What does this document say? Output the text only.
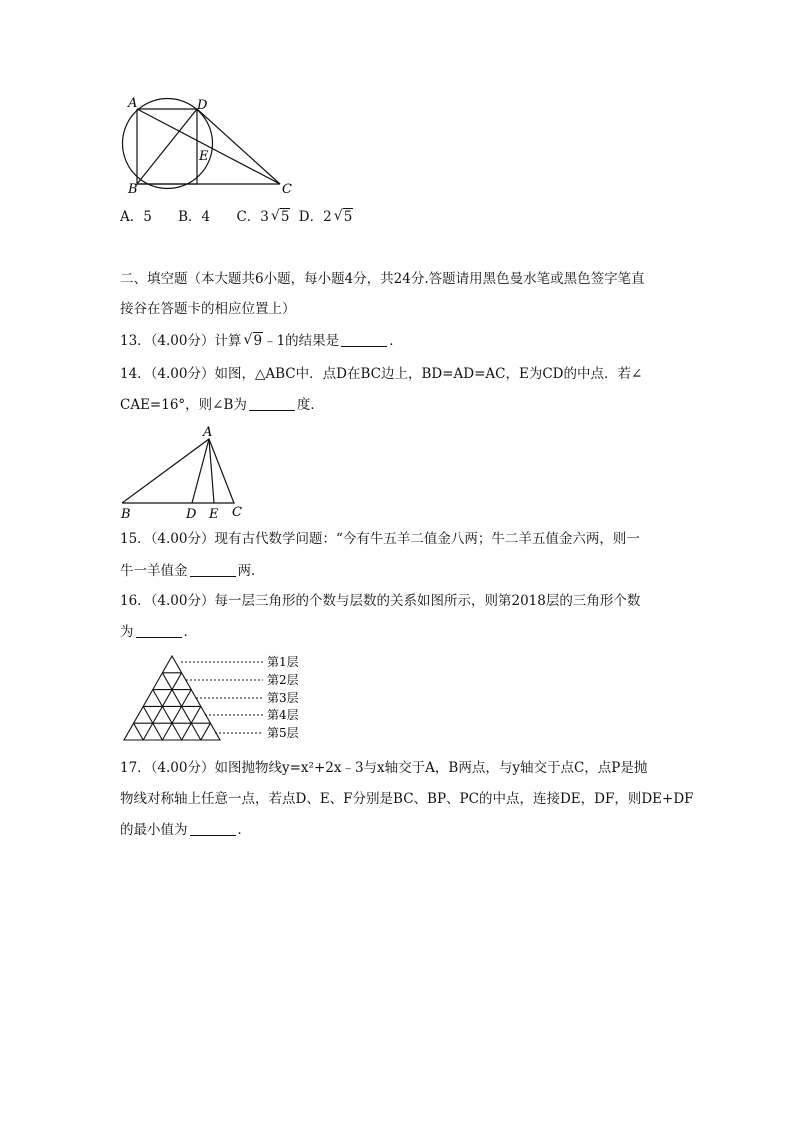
A	D
E
B	C
A．5 B．4 C．3 √ 5 D．2 √ 5
二、填空题（本大题共6小题，每小题4分，共24分.答题请用黑色曼水笔或黑色签字笔直
接谷在答题卡的相应位置上）
13．（4.00分）计算 √ 9﹣1的结果是	．
14．（4.00分）如图，△ABC中．点D在BC边上，BD=AD=AC，E为CD的中点．若∠
CAE=16°，则∠B为	度．
A
B	D E C
15．（4.00分）现有古代数学问题：“今有牛五羊二值金八两；牛二羊五值金六两，则一
牛一羊值金	两．
16．（4.00分）每一层三角形的个数与层数的关系如图所示，则第2018层的三角形个数
为	．
第1层
第2层
第3层
第4层
第5层
17．（4.00分）如图抛物线y=x²+2x﹣3与x轴交于A，B两点，与y轴交于点C，点P是抛
物线对称轴上任意一点，若点D、E、F分别是BC、BP、PC的中点，连接DE，DF，则DE+DF
的最小值为	．
